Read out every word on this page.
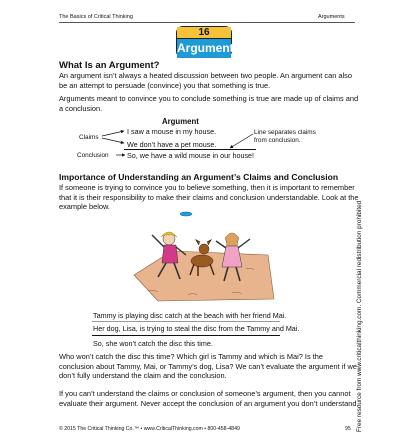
The Basics of Critical Thinking	Arguments
16
Arguments
What Is an Argument?
An argument isn’t always a heated discussion between two people. An argument can also be an attempt to persuade (convince) you that something is true.
Arguments meant to convince you to conclude something is true are made up of claims and a conclusion.
Argument
Claims
I saw a mouse in my house.
We don’t have a pet mouse.
Line separates claims from conclusion.
Conclusion	So, we have a wild mouse in our house!
Importance of Understanding an Argument’s Claims and Conclusion
If someone is trying to convince you to believe something, then it is important to remember that it is their responsibility to make their claims and conclusion understandable. Look at the example below.
Tammy is playing disc catch at the beach with her friend Mai.
Her dog, Lisa, is trying to steal the disc from the Tammy and Mai.
So, she won’t catch the disc this time.
Who won’t catch the disc this time? Which girl is Tammy and which is Mai? Is the conclusion about Tammy, Mai, or Tammy’s dog, Lisa? We can’t evaluate the argument if we don’t fully understand the claim and the conclusion.
If you can’t understand the claims or conclusion of someone’s argument, then you cannot evaluate their argument. Never accept the conclusion of an argument you don’t understand.
Free resource from www.criticalthinking.com. Commercial redistribution prohibited
© 2015 The Critical Thinking Co.™ • www.CriticalThinking.com • 800-458-4849	95
